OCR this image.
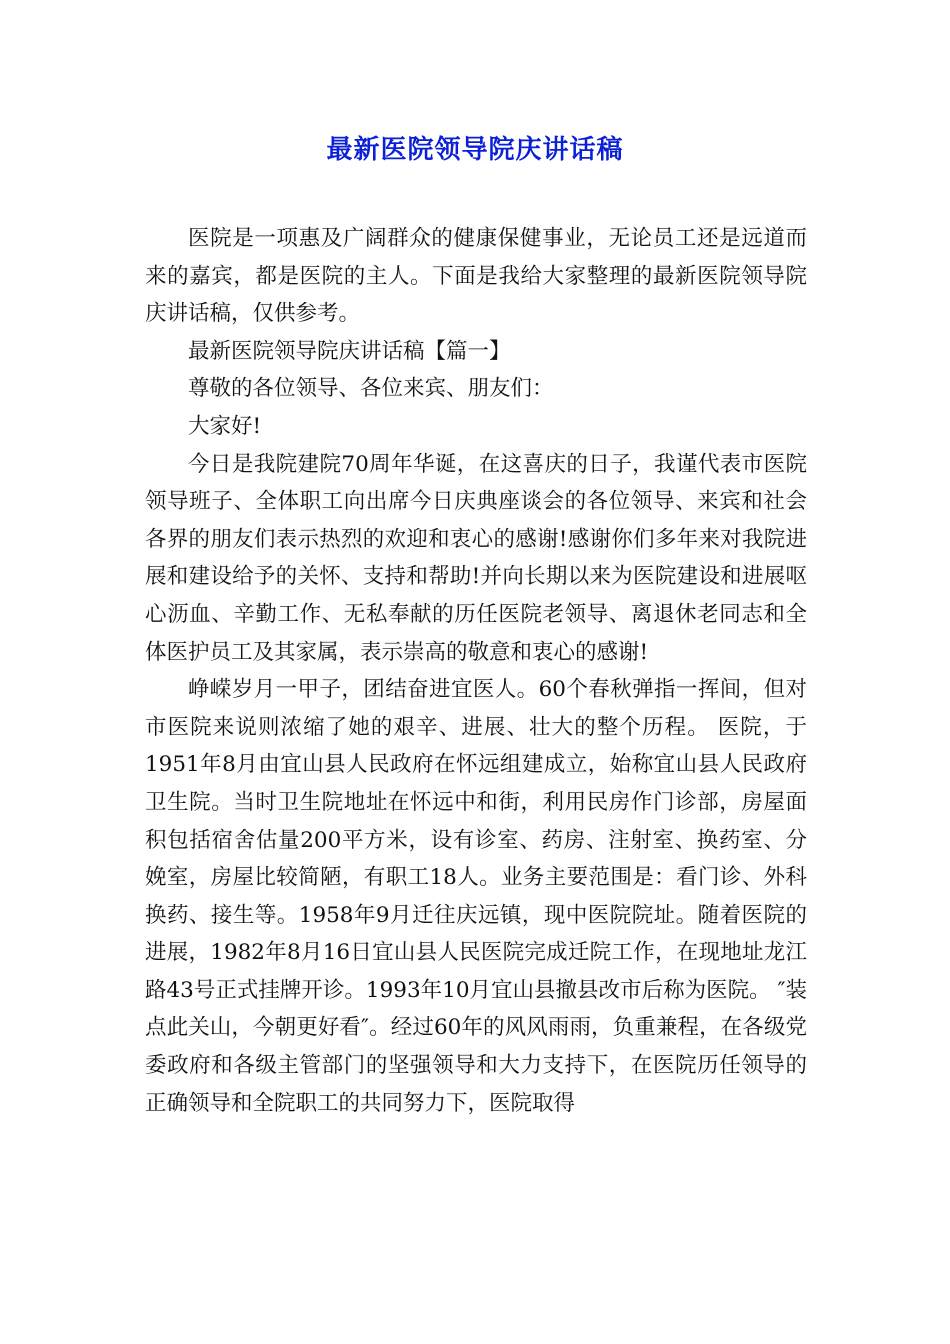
最新医院领导院庆讲话稿

医院是一项惠及广阔群众的健康保健事业，无论员工还是远道而来的嘉宾，都是医院的主人。下面是我给大家整理的最新医院领导院庆讲话稿，仅供参考。

最新医院领导院庆讲话稿【篇一】

尊敬的各位领导、各位来宾、朋友们：

大家好!

今日是我院建院70周年华诞，在这喜庆的日子，我谨代表市医院领导班子、全体职工向出席今日庆典座谈会的各位领导、来宾和社会各界的朋友们表示热烈的欢迎和衷心的感谢!感谢你们多年来对我院进展和建设给予的关怀、支持和帮助!并向长期以来为医院建设和进展呕心沥血、辛勤工作、无私奉献的历任医院老领导、离退休老同志和全体医护员工及其家属，表示崇高的敬意和衷心的感谢!

峥嵘岁月一甲子，团结奋进宜医人。60个春秋弹指一挥间，但对市医院来说则浓缩了她的艰辛、进展、壮大的整个历程。 医院，于1951年8月由宜山县人民政府在怀远组建成立，始称宜山县人民政府卫生院。当时卫生院地址在怀远中和街，利用民房作门诊部，房屋面积包括宿舍估量200平方米，设有诊室、药房、注射室、换药室、分娩室，房屋比较简陋，有职工18人。业务主要范围是：看门诊、外科换药、接生等。1958年9月迁往庆远镇，现中医院院址。随着医院的进展，1982年8月16日宜山县人民医院完成迁院工作，在现地址龙江路43号正式挂牌开诊。1993年10月宜山县撤县改市后称为医院。 ″装点此关山，今朝更好看″。经过60年的风风雨雨，负重兼程，在各级党委政府和各级主管部门的坚强领导和大力支持下，在医院历任领导的正确领导和全院职工的共同努力下，医院取得
